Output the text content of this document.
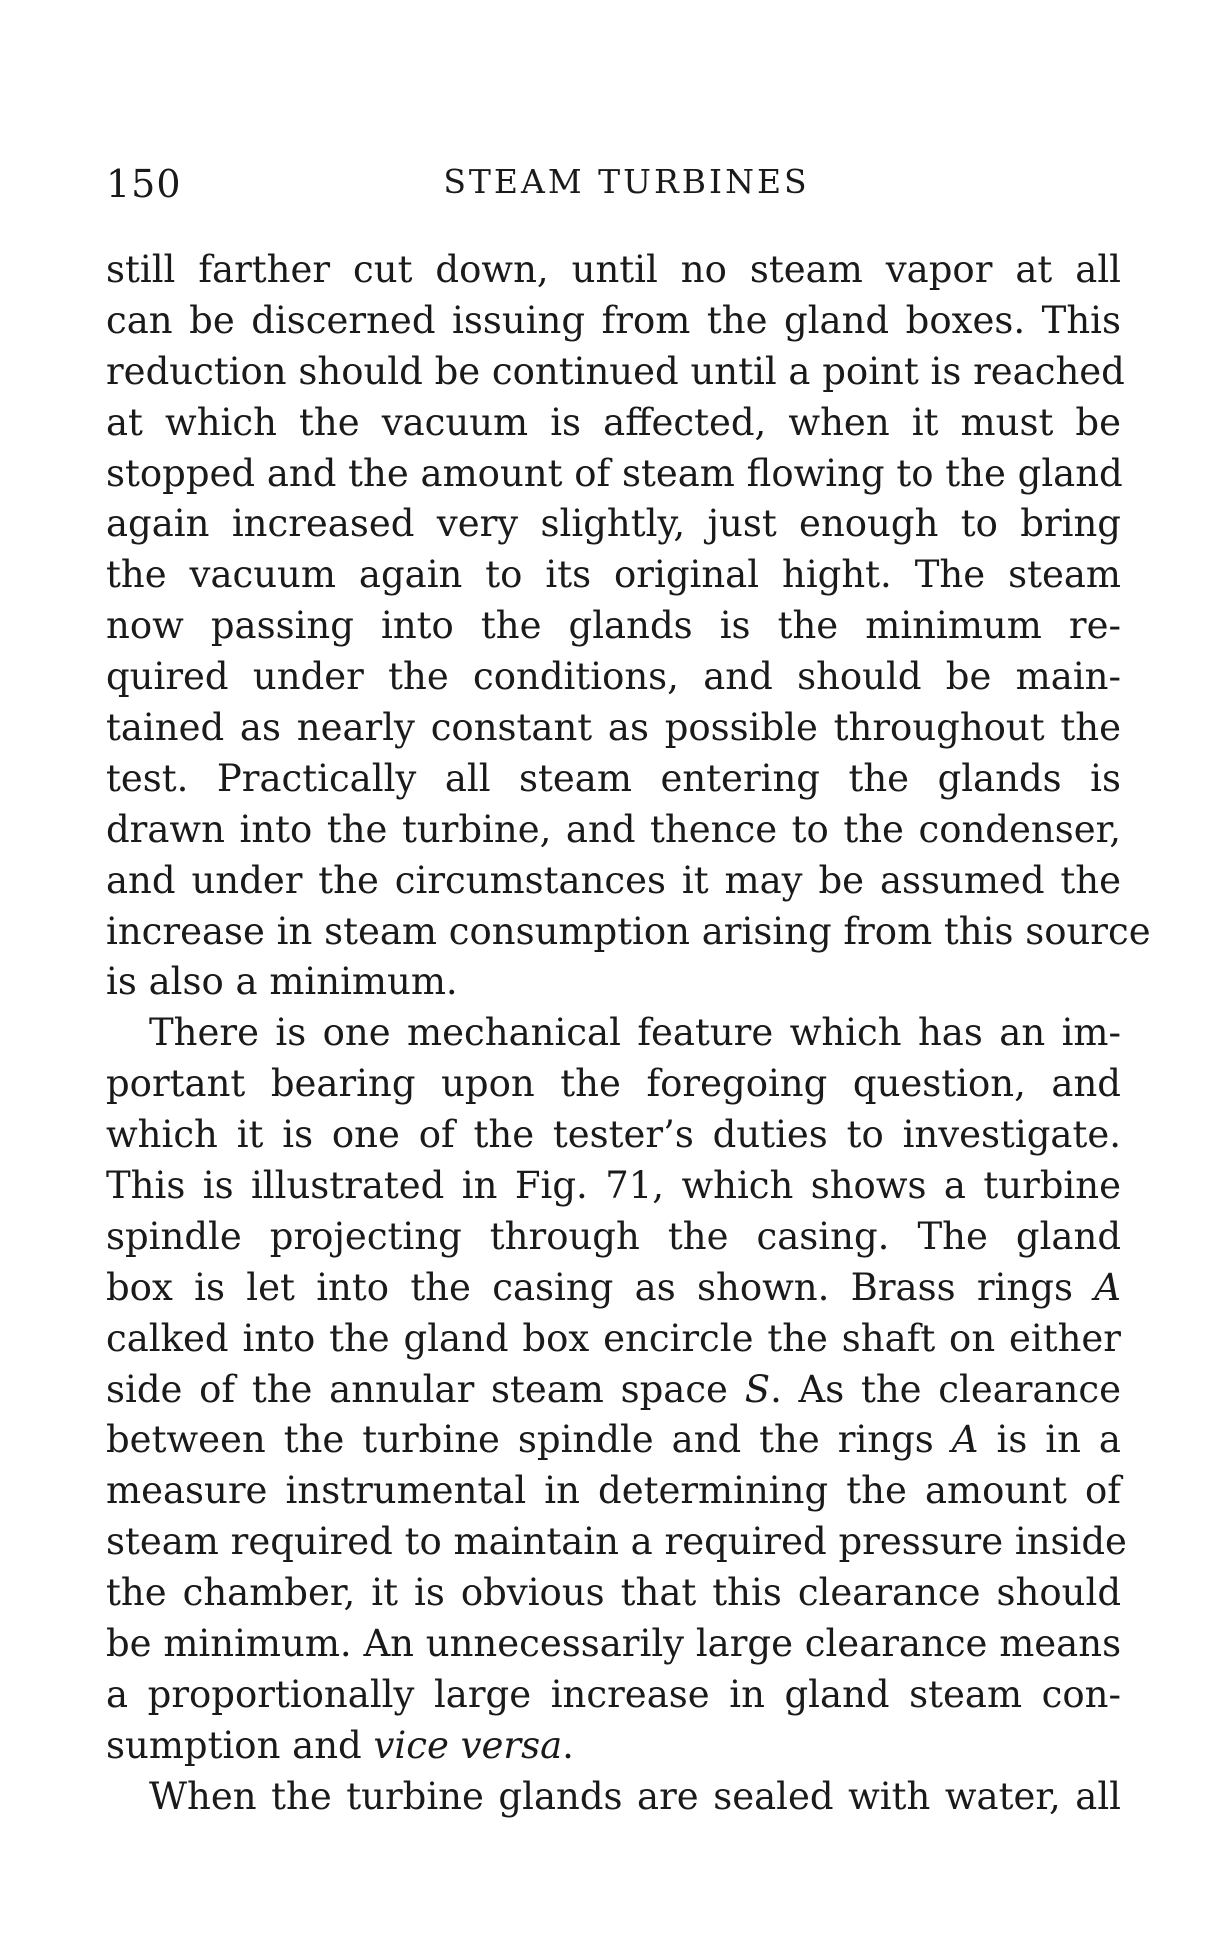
150	STEAM TURBINES
still farther cut down, until no steam vapor at all
can be discerned issuing from the gland boxes. This
reduction should be continued until a point is reached
at which the vacuum is affected, when it must be
stopped and the amount of steam flowing to the gland
again increased very slightly, just enough to bring
the vacuum again to its original hight. The steam
now passing into the glands is the minimum re-
quired under the conditions, and should be main-
tained as nearly constant as possible throughout the
test. Practically all steam entering the glands is
drawn into the turbine, and thence to the condenser,
and under the circumstances it may be assumed the
increase in steam consumption arising from this source
is also a minimum.
There is one mechanical feature which has an im-
portant bearing upon the foregoing question, and
which it is one of the tester’s duties to investigate.
This is illustrated in Fig. 71, which shows a turbine
spindle projecting through the casing. The gland
box is let into the casing as shown. Brass rings A
calked into the gland box encircle the shaft on either
side of the annular steam space S. As the clearance
between the turbine spindle and the rings A is in a
measure instrumental in determining the amount of
steam required to maintain a required pressure inside
the chamber, it is obvious that this clearance should
be minimum. An unnecessarily large clearance means
a proportionally large increase in gland steam con-
sumption and vice versa.
When the turbine glands are sealed with water, all
